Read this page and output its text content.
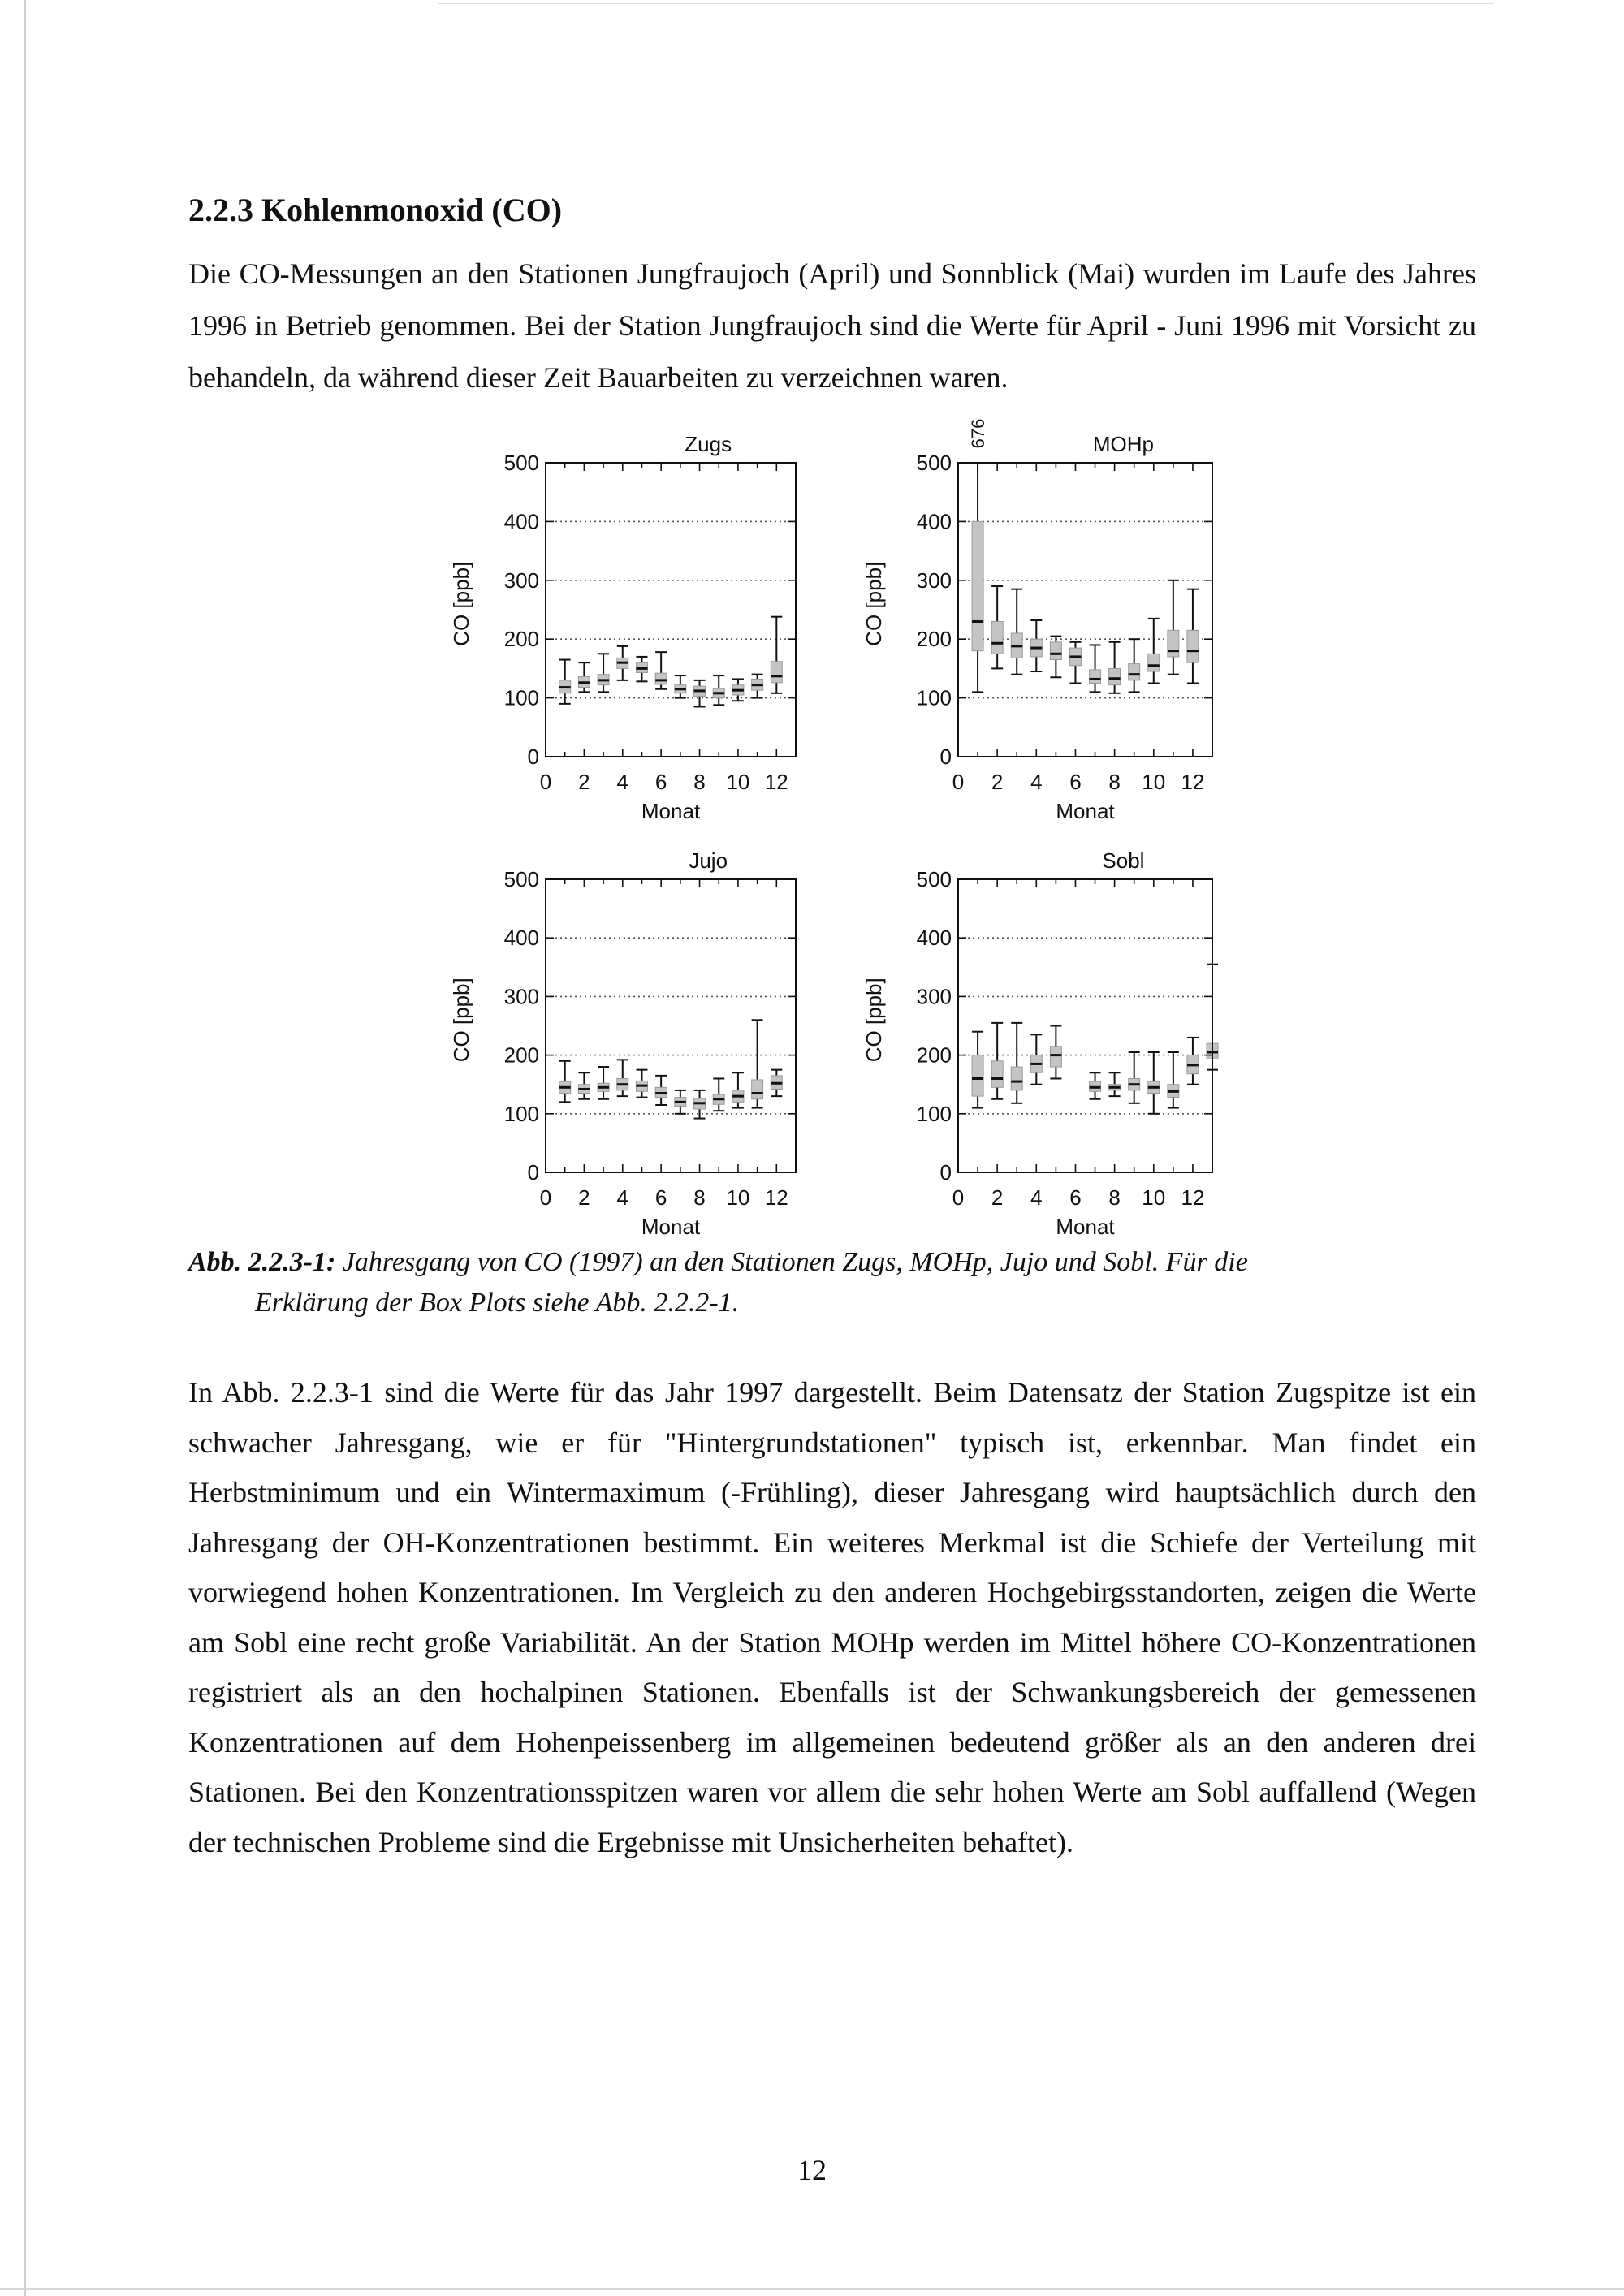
2.2.3 Kohlenmonoxid (CO)

Die CO-Messungen an den Stationen Jungfraujoch (April) und Sonnblick (Mai) wurden im Laufe des Jahres 1996 in Betrieb genommen. Bei der Station Jungfraujoch sind die Werte für April - Juni 1996 mit Vorsicht zu behandeln, da während dieser Zeit Bauarbeiten zu verzeichnen waren.

0 2 4 6 8 10 12
0
100
200
300
400
500
Monat
CO [ppb]
Zugs
0 2 4 6 8 10 12
0
100
200
300
400
500
Monat
CO [ppb]
MOHp
676
0 2 4 6 8 10 12
0
100
200
300
400
500
Monat
CO [ppb]
Jujo
0 2 4 6 8 10 12
0
100
200
300
400
500
Monat
CO [ppb]
Sobl

Abb. 2.2.3-1: Jahresgang von CO (1997) an den Stationen Zugs, MOHp, Jujo und Sobl. Für die
Erklärung der Box Plots siehe Abb. 2.2.2-1.

In Abb. 2.2.3-1 sind die Werte für das Jahr 1997 dargestellt. Beim Datensatz der Station Zugspitze ist ein schwacher Jahresgang, wie er für "Hintergrundstationen" typisch ist, erkennbar. Man findet ein Herbstminimum und ein Wintermaximum (-Frühling), dieser Jahresgang wird hauptsächlich durch den Jahresgang der OH-Konzentrationen bestimmt. Ein weiteres Merkmal ist die Schiefe der Verteilung mit vorwiegend hohen Konzentrationen. Im Vergleich zu den anderen Hochgebirgsstandorten, zeigen die Werte am Sobl eine recht große Variabilität. An der Station MOHp werden im Mittel höhere CO-Konzentrationen registriert als an den hochalpinen Stationen. Ebenfalls ist der Schwankungsbereich der gemessenen Konzentrationen auf dem Hohenpeissenberg im allgemeinen bedeutend größer als an den anderen drei Stationen. Bei den Konzentrationsspitzen waren vor allem die sehr hohen Werte am Sobl auffallend (Wegen der technischen Probleme sind die Ergebnisse mit Unsicherheiten behaftet).

12
